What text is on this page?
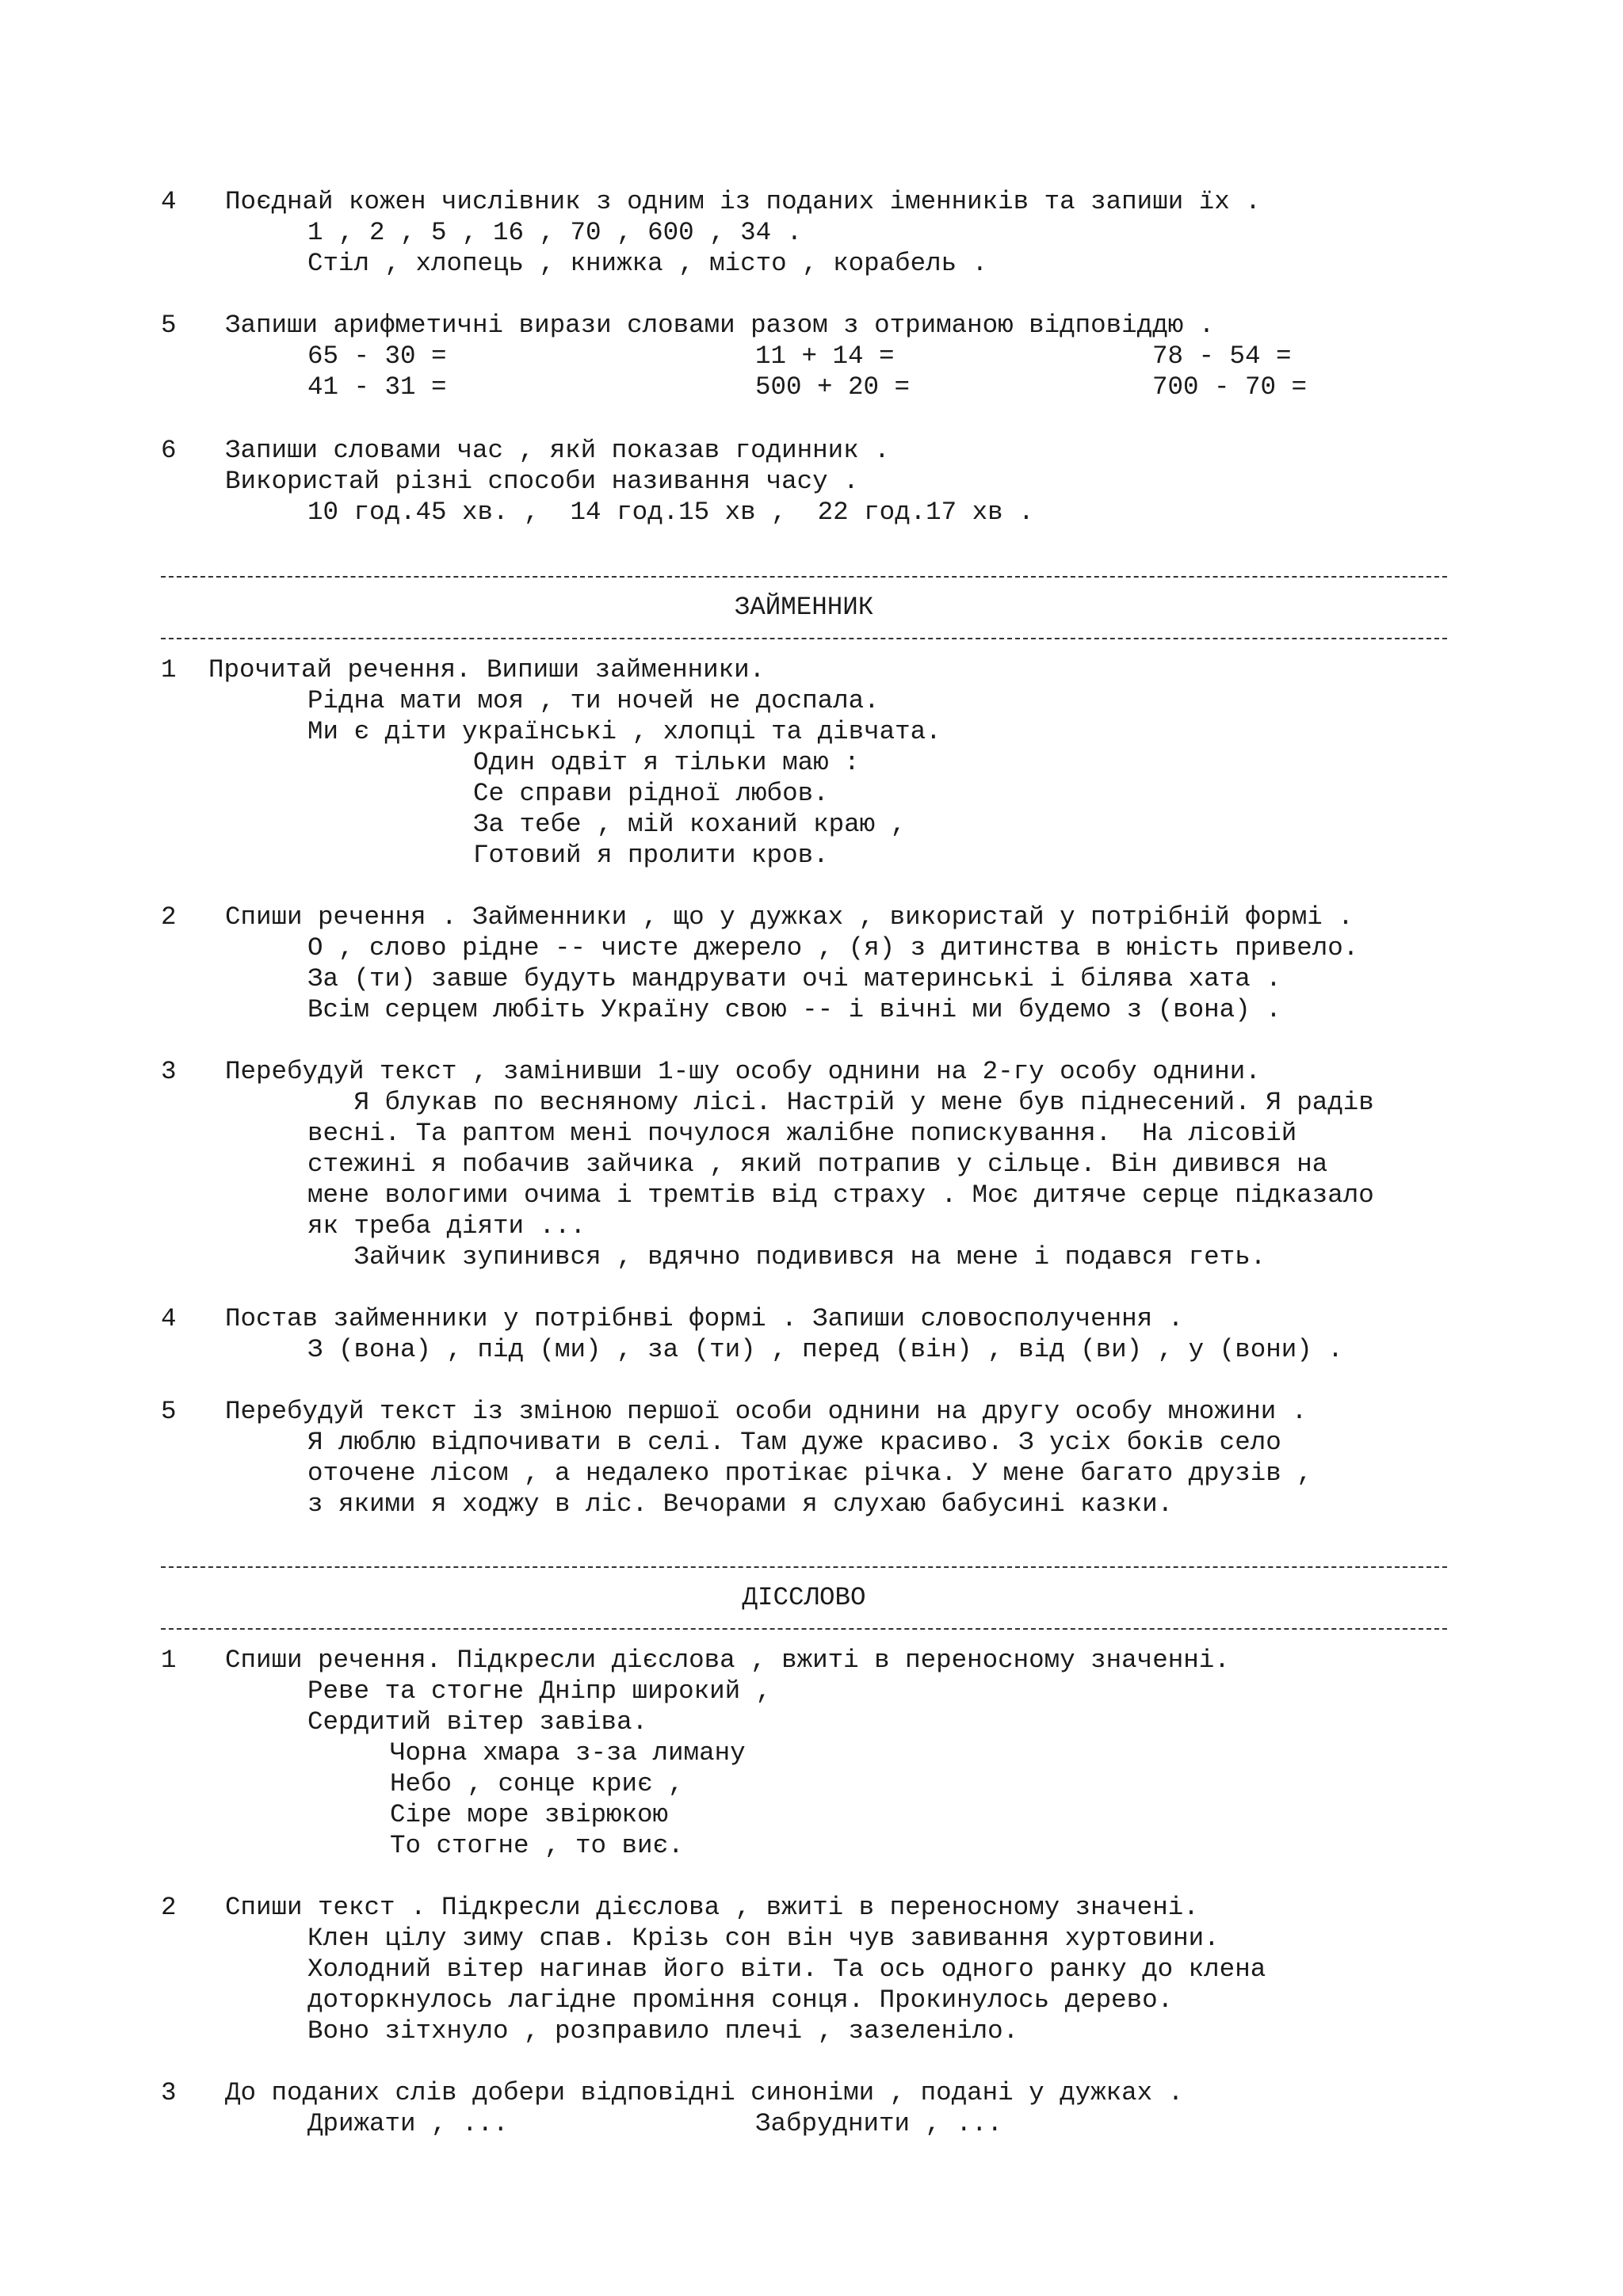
4 Поєднай кожен числівник з одним із поданих іменників та запиши їх .
1 , 2 , 5 , 16 , 70 , 600 , 34 .
Стіл , хлопець , книжка , місто , корабель .
5 Запиши арифметичні вирази словами разом з отриманою відповіддю .
65 - 30 =	11 + 14 =	78 - 54 =
41 - 31 =	500 + 20 =	700 - 70 =
6 Запиши словами час , якй показав годинник .
Використай різні способи називання часу .
10 год.45 хв. ,  14 год.15 хв ,  22 год.17 хв .
ЗАЙМЕННИК
1 Прочитай речення. Випиши займенники.
Рідна мати моя , ти ночей не доспала.
Ми є діти українські , хлопці та дівчата.
Один одвіт я тільки маю :
Се справи рідної любов.
За тебе , мій коханий краю ,
Готовий я пролити кров.
2 Спиши речення . Займенники , що у дужках , використай у потрібній формі .
О , слово рідне -- чисте джерело , (я) з дитинства в юність привело.
За (ти) завше будуть мандрувати очі материнські і білява хата .
Всім серцем любіть Україну свою -- і вічні ми будемо з (вона) .
3 Перебудуй текст , замінивши 1-шу особу однини на 2-гу особу однини.
Я блукав по весняному лісі. Настрій у мене був піднесений. Я радів
весні. Та раптом мені почулося жалібне попискування.  На лісовій
стежині я побачив зайчика , який потрапив у сільце. Він дивився на
мене вологими очима і тремтів від страху . Моє дитяче серце підказало
як треба діяти ...
Зайчик зупинився , вдячно подивився на мене і подався геть.
4 Постав займенники у потрібнві формі . Запиши словосполучення .
З (вона) , під (ми) , за (ти) , перед (він) , від (ви) , у (вони) .
5 Перебудуй текст із зміною першої особи однини на другу особу множини .
Я люблю відпочивати в селі. Там дуже красиво. З усіх боків село
оточене лісом , а недалеко протікає річка. У мене багато друзів ,
з якими я ходжу в ліс. Вечорами я слухаю бабусині казки.
ДІССЛОВО
1 Спиши речення. Підкресли дієслова , вжиті в переносному значенні.
Реве та стогне Дніпр широкий ,
Сердитий вітер завіва.
Чорна хмара з-за лиману
Небо , сонце криє ,
Сіре море звірюкою
То стогне , то виє.
2 Спиши текст . Підкресли дієслова , вжиті в переносному значені.
Клен цілу зиму спав. Крізь сон він чув завивання хуртовини.
Холодний вітер нагинав його віти. Та ось одного ранку до клена
доторкнулось лагідне проміння сонця. Прокинулось дерево.
Воно зітхнуло , розправило плечі , зазеленіло.
3 До поданих слів добери відповідні синоніми , подані у дужках .
Дрижати , ...	Забруднити , ...
